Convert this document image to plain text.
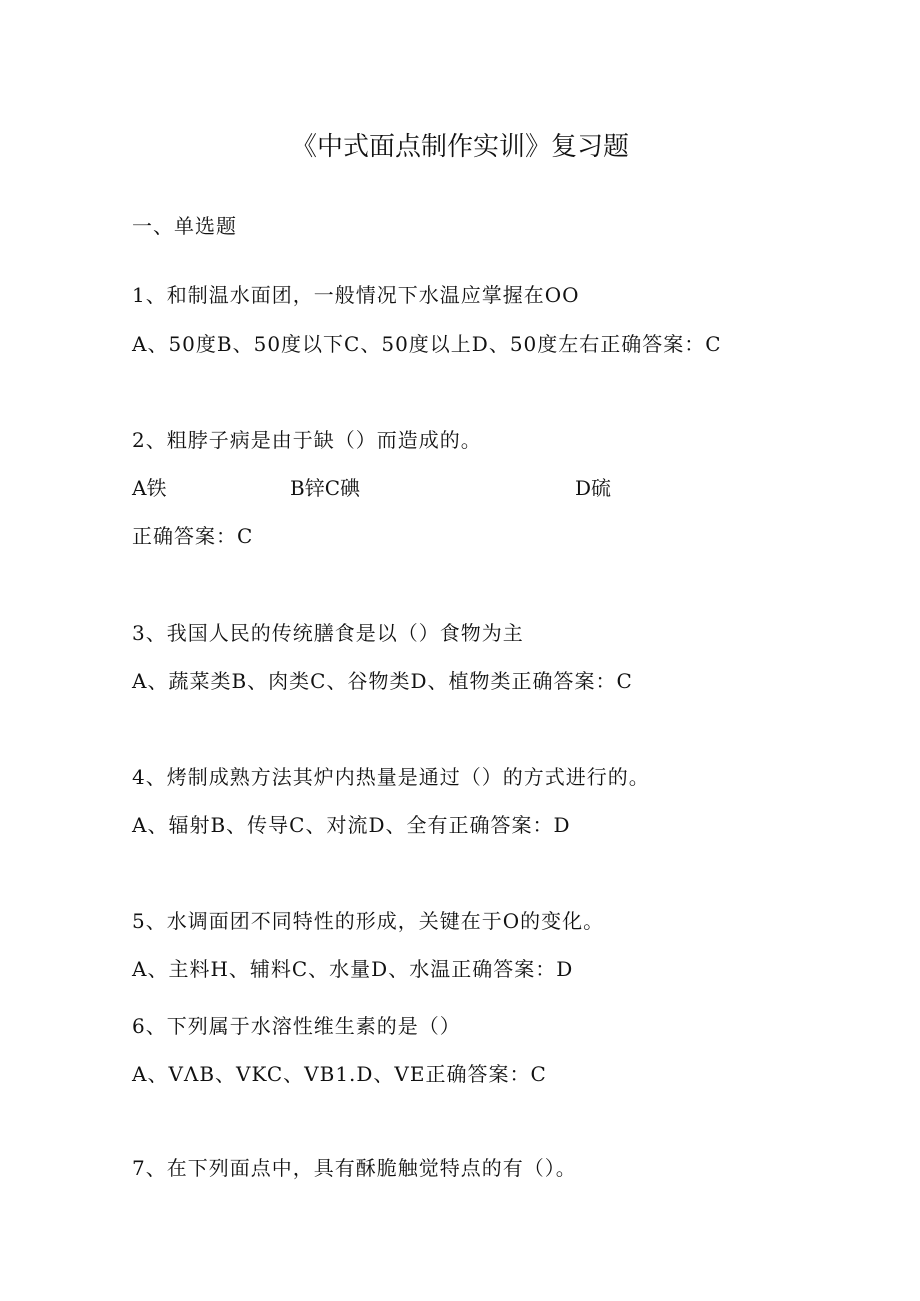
《中式面点制作实训》复习题
一、单选题
1、和制温水面团，一般情况下水温应掌握在OO
A、50度B、50度以下C、50度以上D、50度左右正确答案：C
2、粗脖子病是由于缺（）而造成的。
A铁	B锌C碘	D硫
正确答案：C
3、我国人民的传统膳食是以（）食物为主
A、蔬菜类B、肉类C、谷物类D、植物类正确答案：C
4、烤制成熟方法其炉内热量是通过（）的方式进行的。
A、辐射B、传导C、对流D、全有正确答案：D
5、水调面团不同特性的形成，关键在于O的变化。
A、主料H、辅料C、水量D、水温正确答案：D
6、下列属于水溶性维生素的是（）
A、VΛB、VKC、VB1.D、VE正确答案：C
7、在下列面点中，具有酥脆触觉特点的有（）。
